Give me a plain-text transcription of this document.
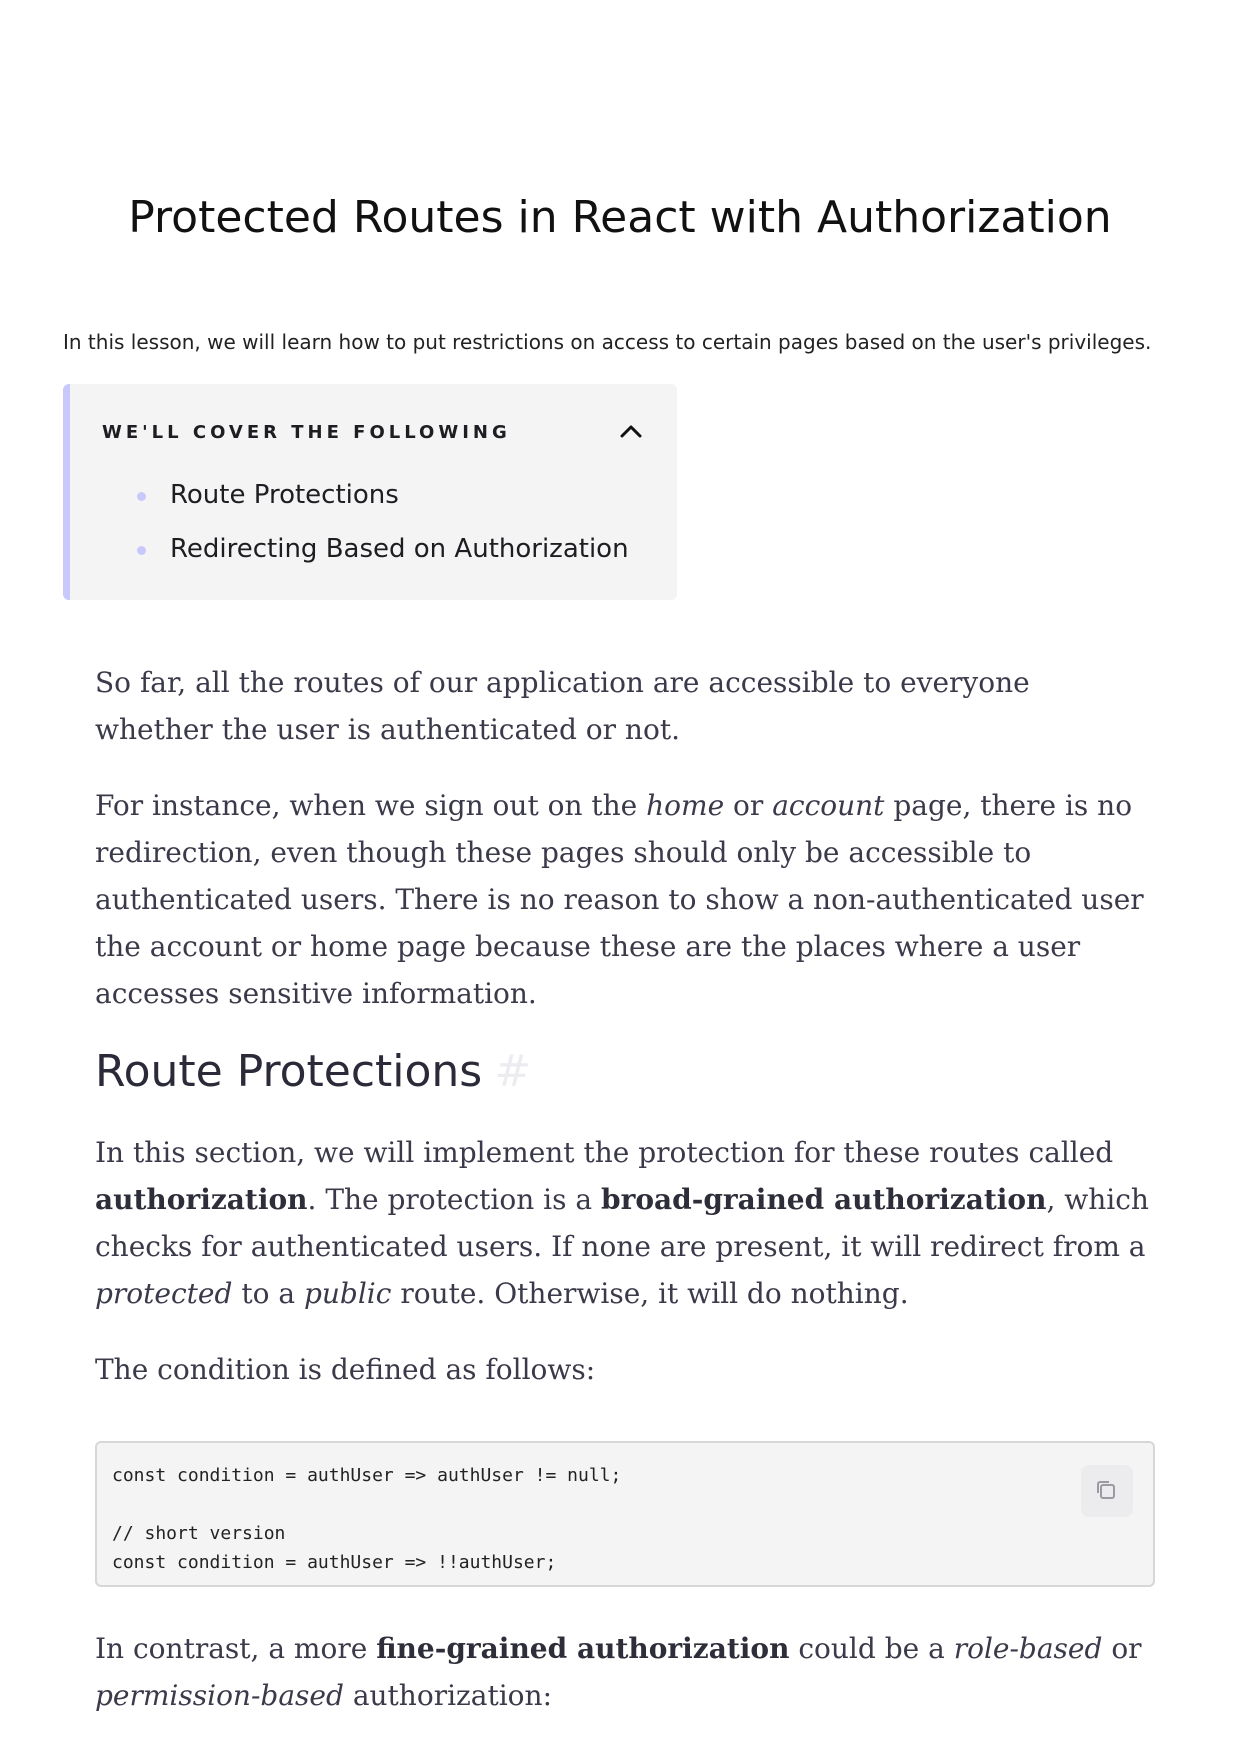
Protected Routes in React with Authorization

In this lesson, we will learn how to put restrictions on access to certain pages based on the user's privileges.

WE'LL COVER THE FOLLOWING
Route Protections
Redirecting Based on Authorization

So far, all the routes of our application are accessible to everyone whether the user is authenticated or not.

For instance, when we sign out on the home or account page, there is no redirection, even though these pages should only be accessible to authenticated users. There is no reason to show a non-authenticated user the account or home page because these are the places where a user accesses sensitive information.

Route Protections #

In this section, we will implement the protection for these routes called authorization. The protection is a broad-grained authorization, which checks for authenticated users. If none are present, it will redirect from a protected to a public route. Otherwise, it will do nothing.

The condition is defined as follows:

const condition = authUser => authUser != null;

// short version
const condition = authUser => !!authUser;

In contrast, a more fine-grained authorization could be a role-based or permission-based authorization:
